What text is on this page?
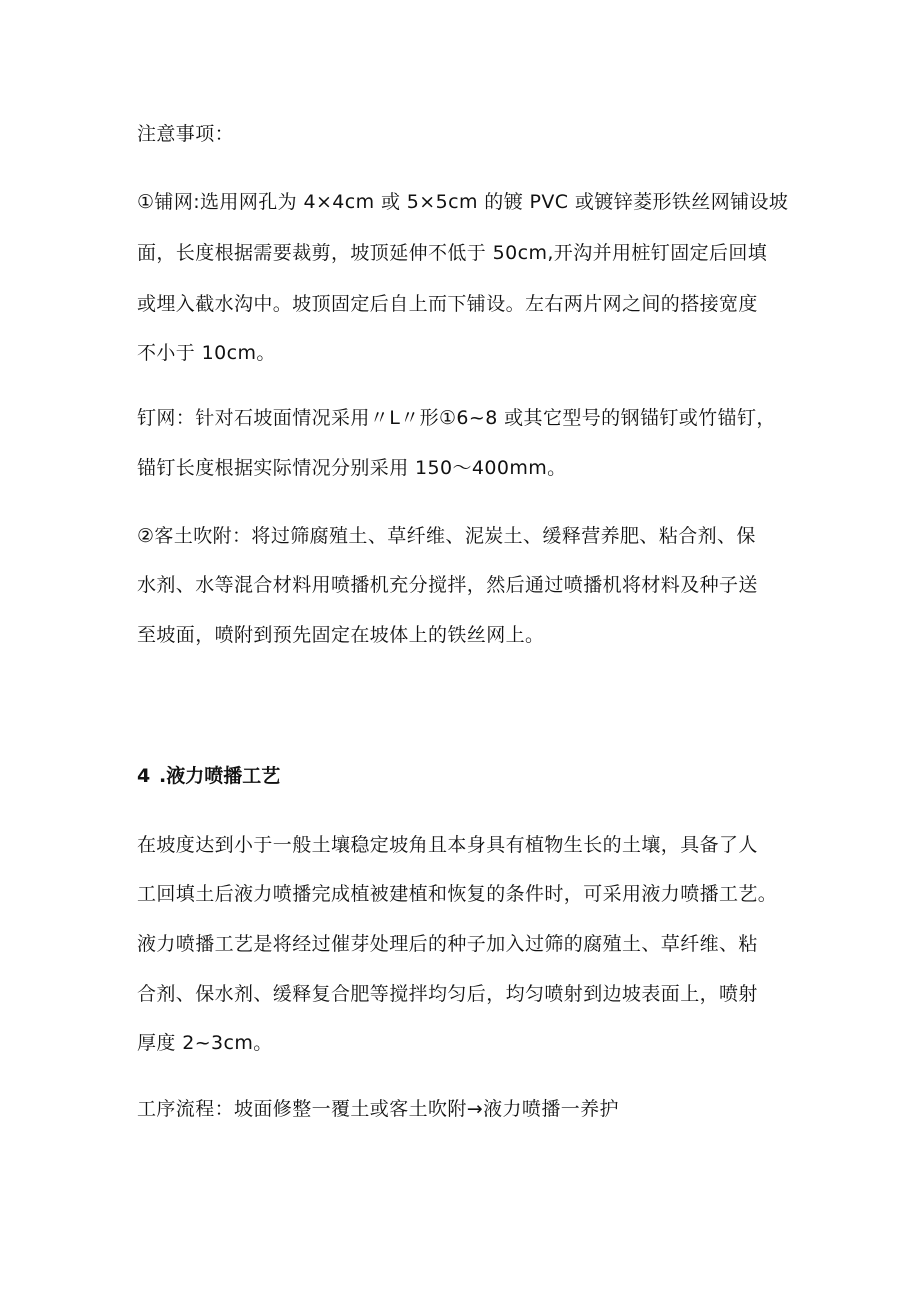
注意事项：
①铺网:选用网孔为 4×4cm 或 5×5cm 的镀 PVC 或镀锌菱形铁丝网铺设坡
面，长度根据需要裁剪，坡顶延伸不低于 50cm,开沟并用桩钉固定后回填
或埋入截水沟中。坡顶固定后自上而下铺设。左右两片网之间的搭接宽度
不小于 10cm。
钉网：针对石坡面情况采用〃L〃形①6~8 或其它型号的钢锚钉或竹锚钉，
锚钉长度根据实际情况分别采用 150～400mm。
②客土吹附：将过筛腐殖土、草纤维、泥炭土、缓释营养肥、粘合剂、保
水剂、水等混合材料用喷播机充分搅拌，然后通过喷播机将材料及种子送
至坡面，喷附到预先固定在坡体上的铁丝网上。
4 .液力喷播工艺
在坡度达到小于一般土壤稳定坡角且本身具有植物生长的土壤，具备了人
工回填土后液力喷播完成植被建植和恢复的条件时，可采用液力喷播工艺。
液力喷播工艺是将经过催芽处理后的种子加入过筛的腐殖土、草纤维、粘
合剂、保水剂、缓释复合肥等搅拌均匀后，均匀喷射到边坡表面上，喷射
厚度 2~3cm。
工序流程：坡面修整一覆土或客土吹附→液力喷播一养护
